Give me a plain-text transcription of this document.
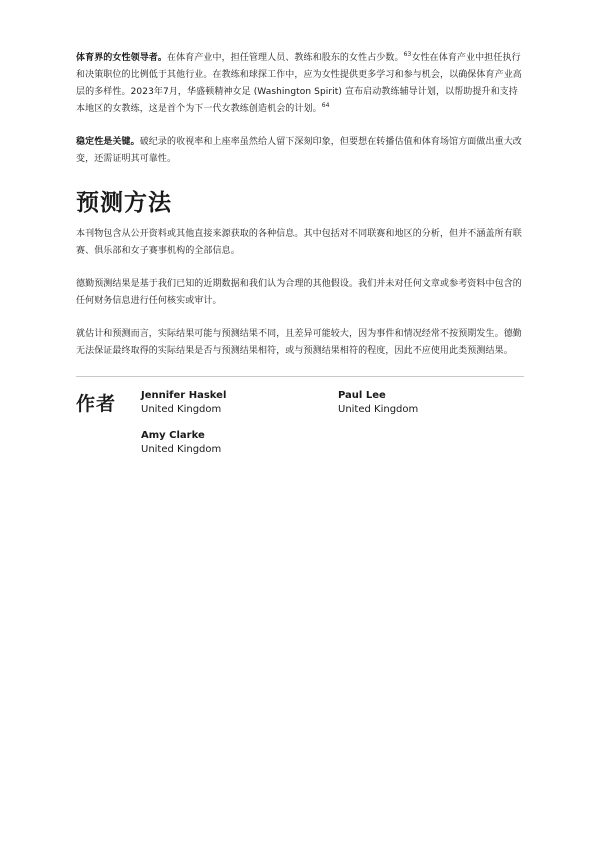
体育界的女性领导者。在体育产业中，担任管理人员、教练和股东的女性占少数。$^{63}$女性在体育产业中担任执行和决策职位的比例低于其他行业。在教练和球探工作中，应为女性提供更多学习和参与机会，以确保体育产业高层的多样性。2023年7月，华盛顿精神女足 (Washington Spirit) 宣布启动教练辅导计划，以帮助提升和支持本地区的女教练，这是首个为下一代女教练创造机会的计划。$^{64}$

稳定性是关键。破纪录的收视率和上座率虽然给人留下深刻印象，但要想在转播估值和体育场馆方面做出重大改变，还需证明其可靠性。

预测方法

本刊物包含从公开资料或其他直接来源获取的各种信息。其中包括对不同联赛和地区的分析，但并不涵盖所有联赛、俱乐部和女子赛事机构的全部信息。

德勤预测结果是基于我们已知的近期数据和我们认为合理的其他假设。我们并未对任何文章或参考资料中包含的任何财务信息进行任何核实或审计。

就估计和预测而言，实际结果可能与预测结果不同，且差异可能较大，因为事件和情况经常不按预期发生。德勤无法保证最终取得的实际结果是否与预测结果相符，或与预测结果相符的程度，因此不应使用此类预测结果。

作者 Jennifer Haskel
United Kingdom
Paul Lee
United Kingdom
Amy Clarke
United Kingdom
